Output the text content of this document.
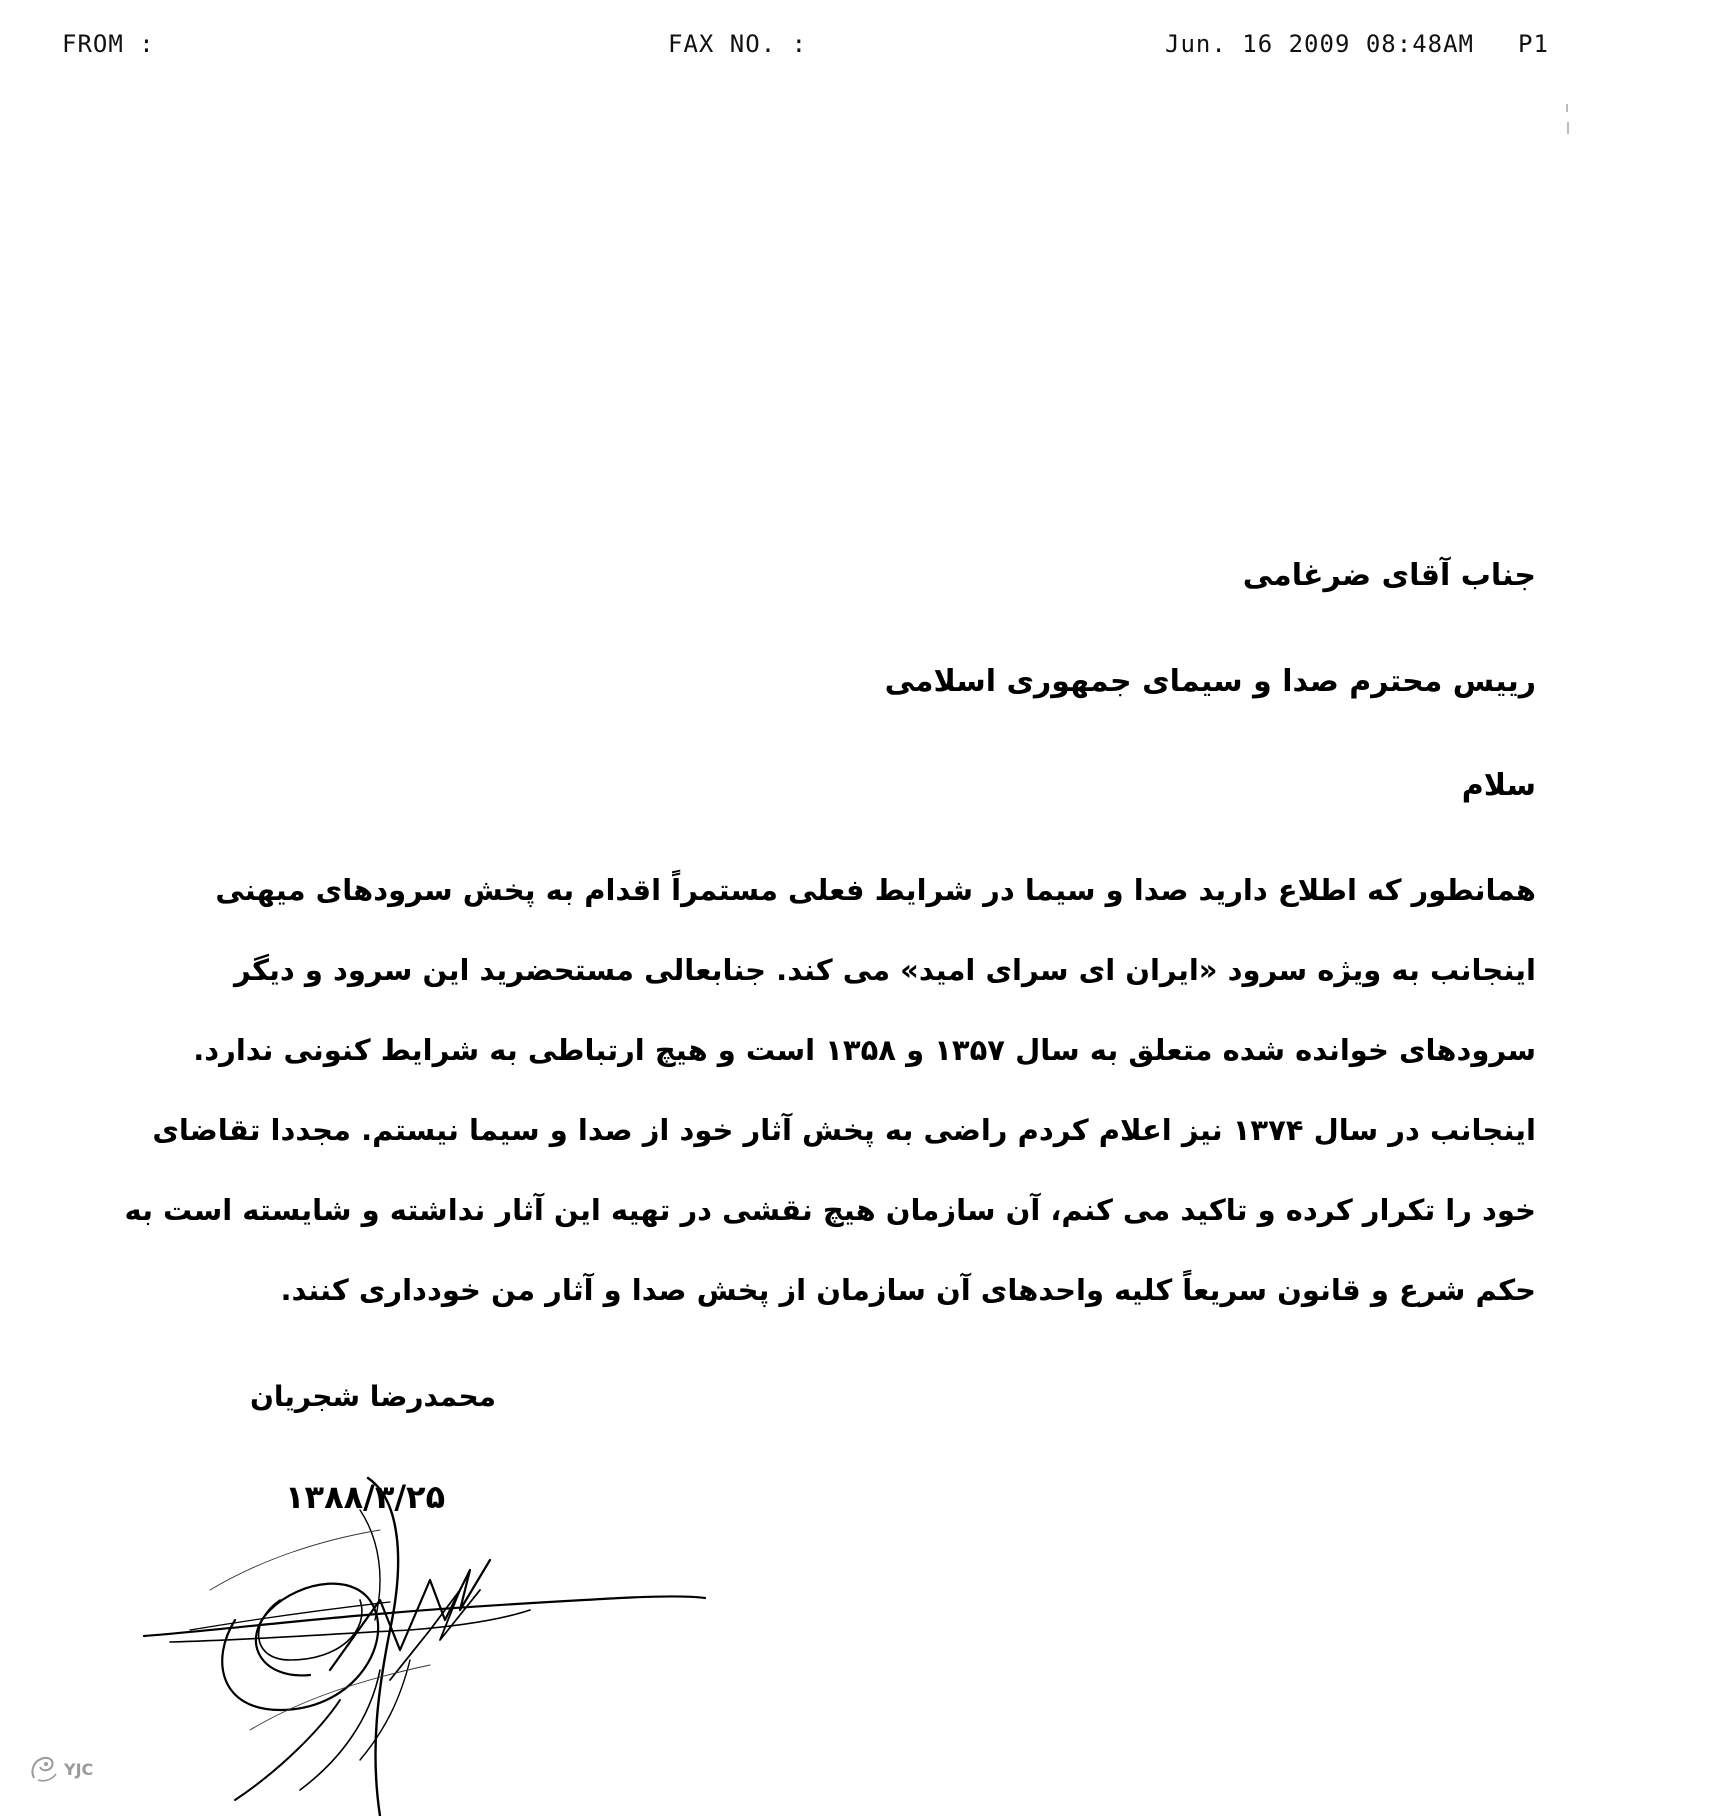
FROM :	FAX NO. :	Jun. 16 2009 08:48AM P1
جناب آقای ضرغامی
رییس محترم صدا و سیمای جمهوری اسلامی
سلام
همانطور که اطلاع دارید صدا و سیما در شرایط فعلی مستمراً اقدام به پخش سرودهای میهنی
اینجانب به ویژه سرود «ایران ای سرای امید» می کند. جنابعالی مستحضرید این سرود و دیگر
سرودهای خوانده شده متعلق به سال ۱۳۵۷ و ۱۳۵۸ است و هیچ ارتباطی به شرایط کنونی ندارد.
اینجانب در سال ۱۳۷۴ نیز اعلام کردم راضی به پخش آثار خود از صدا و سیما نیستم. مجددا تقاضای
خود را تکرار کرده و تاکید می کنم، آن سازمان هیچ نقشی در تهیه این آثار نداشته و شایسته است به
حکم شرع و قانون سریعاً کلیه واحدهای آن سازمان از پخش صدا و آثار من خودداری کنند.
محمدرضا شجریان
۱۳۸۸/۳/۲۵
YJC
